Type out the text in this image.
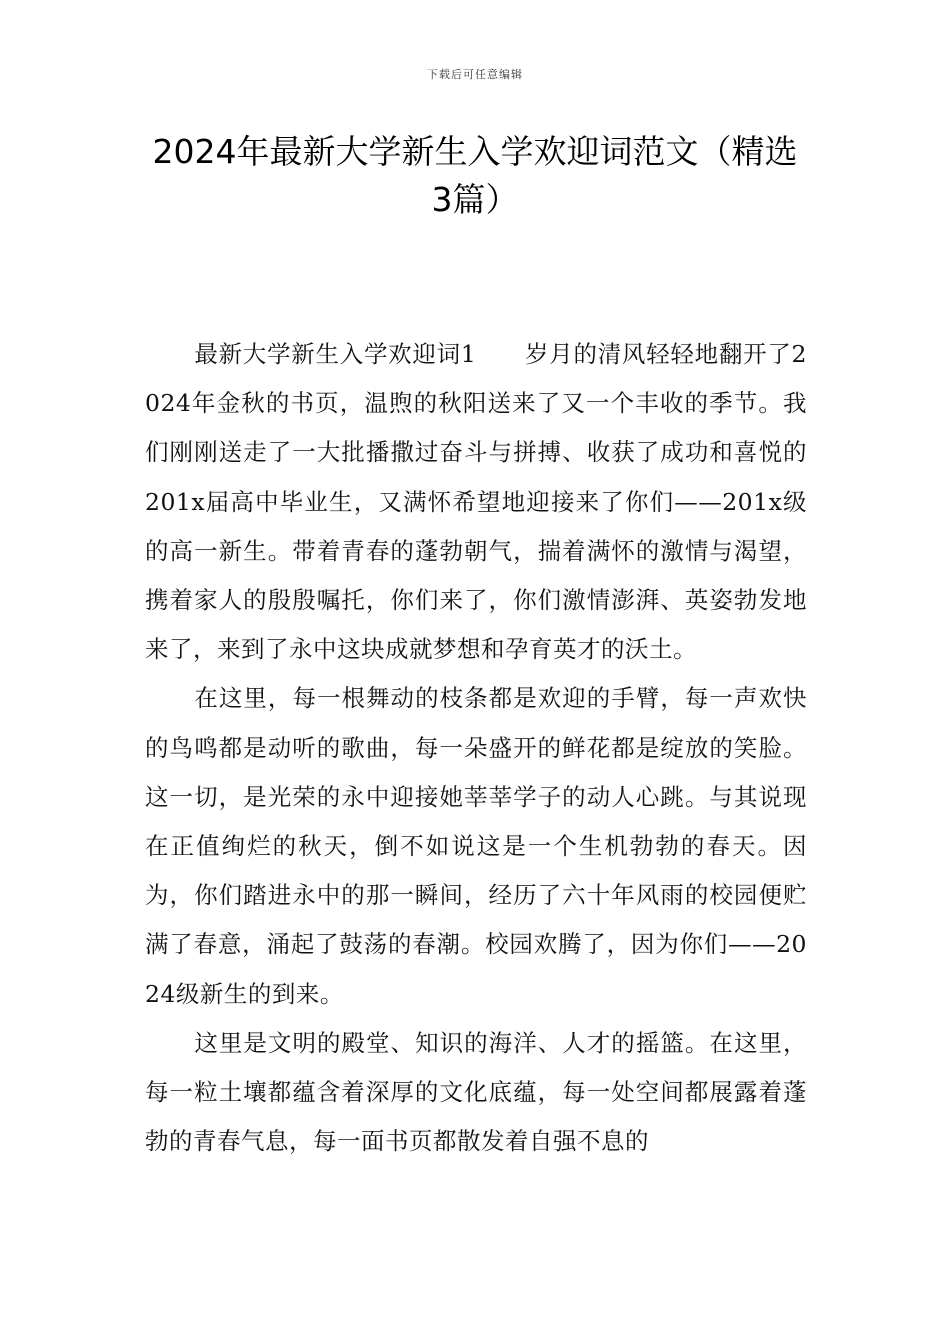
下载后可任意编辑
2024年最新大学新生入学欢迎词范文（精选3篇）

最新大学新生入学欢迎词1　　岁月的清风轻轻地翻开了2024年金秋的书页，温煦的秋阳送来了又一个丰收的季节。我们刚刚送走了一大批播撒过奋斗与拼搏、收获了成功和喜悦的201x届高中毕业生，又满怀希望地迎接来了你们——201x级的高一新生。带着青春的蓬勃朝气，揣着满怀的激情与渴望，携着家人的殷殷嘱托，你们来了，你们激情澎湃、英姿勃发地来了，来到了永中这块成就梦想和孕育英才的沃土。

在这里，每一根舞动的枝条都是欢迎的手臂，每一声欢快的鸟鸣都是动听的歌曲，每一朵盛开的鲜花都是绽放的笑脸。这一切，是光荣的永中迎接她莘莘学子的动人心跳。与其说现在正值绚烂的秋天，倒不如说这是一个生机勃勃的春天。因为，你们踏进永中的那一瞬间，经历了六十年风雨的校园便贮满了春意，涌起了鼓荡的春潮。校园欢腾了，因为你们——2024级新生的到来。

这里是文明的殿堂、知识的海洋、人才的摇篮。在这里，每一粒土壤都蕴含着深厚的文化底蕴，每一处空间都展露着蓬勃的青春气息，每一面书页都散发着自强不息的
